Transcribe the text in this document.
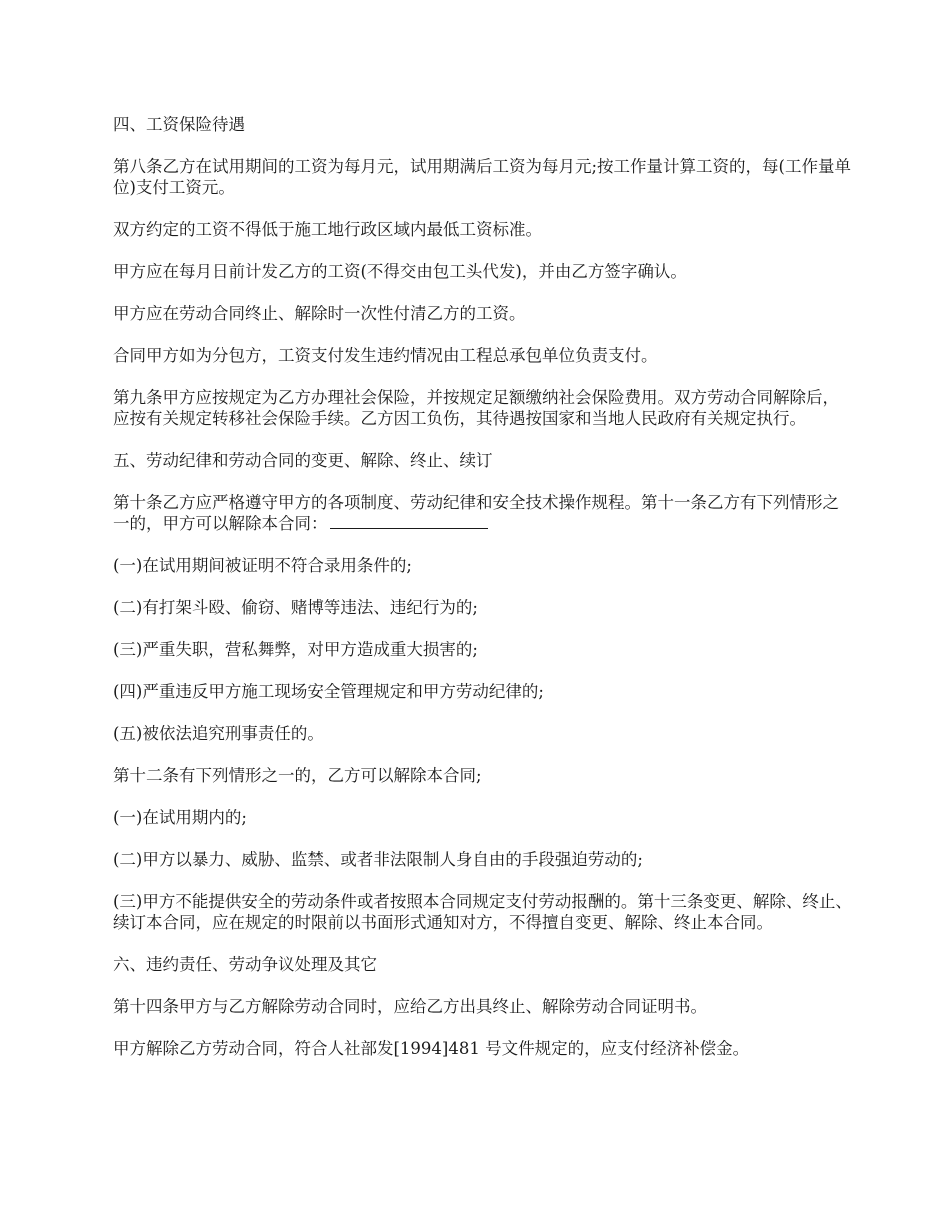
四、工资保险待遇

第八条乙方在试用期间的工资为每月元，试用期满后工资为每月元;按工作量计算工资的，每(工作量单位)支付工资元。

双方约定的工资不得低于施工地行政区域内最低工资标准。

甲方应在每月日前计发乙方的工资(不得交由包工头代发)，并由乙方签字确认。

甲方应在劳动合同终止、解除时一次性付清乙方的工资。

合同甲方如为分包方，工资支付发生违约情况由工程总承包单位负责支付。

第九条甲方应按规定为乙方办理社会保险，并按规定足额缴纳社会保险费用。双方劳动合同解除后，应按有关规定转移社会保险手续。乙方因工负伤，其待遇按国家和当地人民政府有关规定执行。

五、劳动纪律和劳动合同的变更、解除、终止、续订

第十条乙方应严格遵守甲方的各项制度、劳动纪律和安全技术操作规程。第十一条乙方有下列情形之一的，甲方可以解除本合同：

(一)在试用期间被证明不符合录用条件的;

(二)有打架斗殴、偷窃、赌博等违法、违纪行为的;

(三)严重失职，营私舞弊，对甲方造成重大损害的;

(四)严重违反甲方施工现场安全管理规定和甲方劳动纪律的;

(五)被依法追究刑事责任的。

第十二条有下列情形之一的，乙方可以解除本合同;

(一)在试用期内的;

(二)甲方以暴力、威胁、监禁、或者非法限制人身自由的手段强迫劳动的;

(三)甲方不能提供安全的劳动条件或者按照本合同规定支付劳动报酬的。第十三条变更、解除、终止、续订本合同，应在规定的时限前以书面形式通知对方，不得擅自变更、解除、终止本合同。

六、违约责任、劳动争议处理及其它

第十四条甲方与乙方解除劳动合同时，应给乙方出具终止、解除劳动合同证明书。

甲方解除乙方劳动合同，符合人社部发[1994]481 号文件规定的，应支付经济补偿金。
